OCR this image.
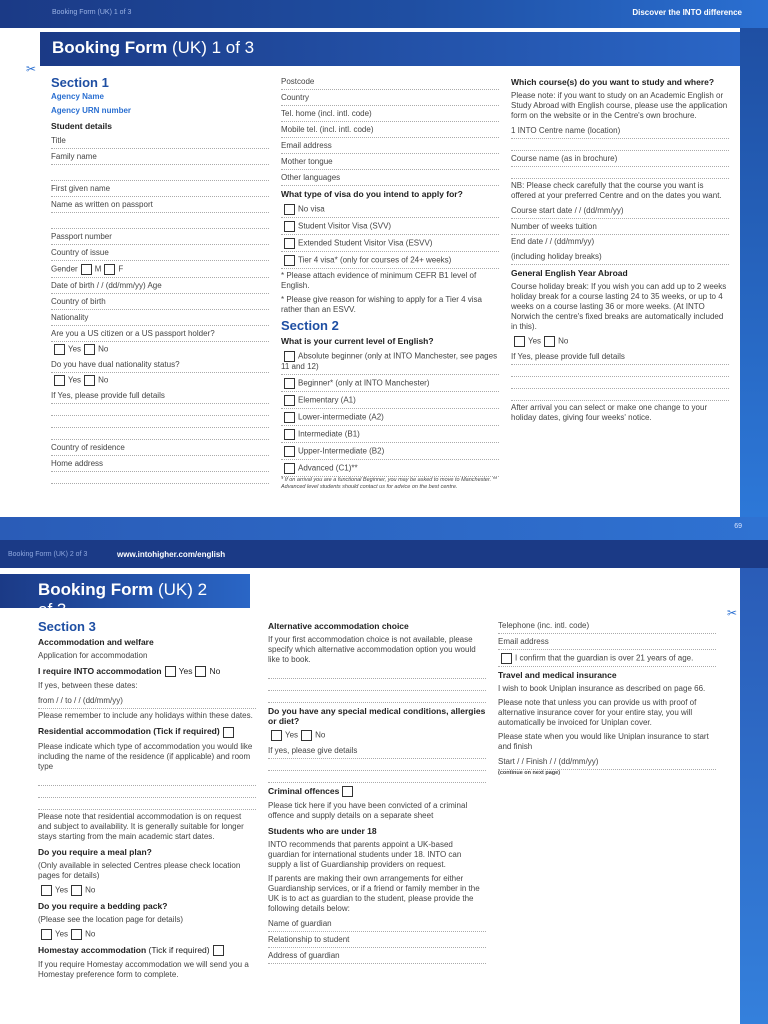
Booking Form (UK) 1 of 3	Discover the INTO difference
69
Booking Form (UK) 2 of 3	www.intohigher.com/english
Booking Form (UK) 1 of 3
✂
Section 1
Agency Name
Agency URN number
Student details
Title
Family name
First given name
Name as written on passport
Passport number
Country of issue
Gender M F
Date of birth / / (dd/mm/yy) Age
Country of birth
Nationality
Are you a US citizen or a US passport holder?
Yes No
Do you have dual nationality status?
Yes No
If Yes, please provide full details
Country of residence
Home address
Postcode
Country
Tel. home (incl. intl. code)
Mobile tel. (incl. intl. code)
Email address
Mother tongue
Other languages
What type of visa do you intend to apply for?
No visa
Student Visitor Visa (SVV)
Extended Student Visitor Visa (ESVV)
Tier 4 visa* (only for courses of 24+ weeks)
* Please attach evidence of minimum CEFR B1 level of English.
* Please give reason for wishing to apply for a Tier 4 visa rather than an ESVV.
Section 2
What is your current level of English?
Absolute beginner (only at INTO Manchester, see pages 11 and 12)
Beginner* (only at INTO Manchester)
Elementary (A1)
Lower-intermediate (A2)
Intermediate (B1)
Upper-Intermediate (B2)
Advanced (C1)**
* If on arrival you are a functional Beginner, you may be asked to move to Manchester. ** Advanced level students should contact us for advice on the best centre.
Which course(s) do you want to study and where?
Please note: if you want to study on an Academic English or Study Abroad with English course, please use the application form on the website or in the Centre's own brochure.
1 INTO Centre name (location)
Course name (as in brochure)
NB: Please check carefully that the course you want is offered at your preferred Centre and on the dates you want.
Course start date / / (dd/mm/yy)
Number of weeks tuition
End date / / (dd/mm/yy)
(including holiday breaks)
General English Year Abroad
Course holiday break: If you wish you can add up to 2 weeks holiday break for a course lasting 24 to 35 weeks, or up to 4 weeks on a course lasting 36 or more weeks. (At INTO Norwich the centre's fixed breaks are automatically included in this).
Yes No
If Yes, please provide full details
After arrival you can select or make one change to your holiday dates, giving four weeks' notice.
Booking Form (UK) 2 of 3	✂
Section 3
Accommodation and welfare
Application for accommodation
I require INTO accommodation Yes No
If yes, between these dates:
from / / to / / (dd/mm/yy)
Please remember to include any holidays within these dates.
Residential accommodation (Tick if required)
Please indicate which type of accommodation you would like including the name of the residence (if applicable) and room type
Please note that residential accommodation is on request and subject to availability. It is generally suitable for longer stays starting from the main academic start dates.
Do you require a meal plan?
(Only available in selected Centres please check location pages for details)
Yes No
Do you require a bedding pack?
(Please see the location page for details)
Yes No
Homestay accommodation (Tick if required)
If you require Homestay accommodation we will send you a Homestay preference form to complete.
Alternative accommodation choice
If your first accommodation choice is not available, please specify which alternative accommodation option you would like to book.
Do you have any special medical conditions, allergies or diet?
Yes No
If yes, please give details
Criminal offences
Please tick here if you have been convicted of a criminal offence and supply details on a separate sheet
Students who are under 18
INTO recommends that parents appoint a UK-based guardian for international students under 18. INTO can supply a list of Guardianship providers on request.
If parents are making their own arrangements for either Guardianship services, or if a friend or family member in the UK is to act as guardian to the student, please provide the following details below:
Name of guardian
Relationship to student
Address of guardian
Telephone (inc. intl. code)
Email address
I confirm that the guardian is over 21 years of age.
Travel and medical insurance
I wish to book Uniplan insurance as described on page 66.
Please note that unless you can provide us with proof of alternative insurance cover for your entire stay, you will automatically be invoiced for Uniplan cover.
Please state when you would like Uniplan insurance to start and finish
Start / / Finish / / (dd/mm/yy)
(continue on next page)
